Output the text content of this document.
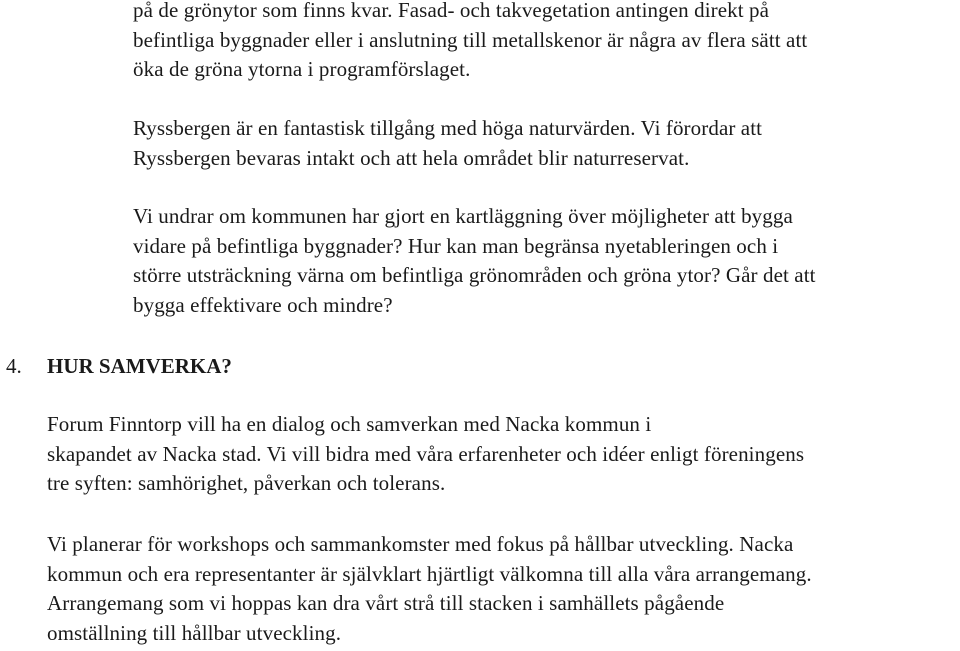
på de grönytor som finns kvar. Fasad- och takvegetation antingen direkt på
befintliga byggnader eller i anslutning till metallskenor är några av flera sätt att
öka de gröna ytorna i programförslaget.

Ryssbergen är en fantastisk tillgång med höga naturvärden. Vi förordar att
Ryssbergen bevaras intakt och att hela området blir naturreservat.

Vi undrar om kommunen har gjort en kartläggning över möjligheter att bygga
vidare på befintliga byggnader? Hur kan man begränsa nyetableringen och i
större utsträckning värna om befintliga grönområden och gröna ytor? Går det att
bygga effektivare och mindre?

4. HUR SAMVERKA?

Forum Finntorp vill ha en dialog och samverkan med Nacka kommun i
skapandet av Nacka stad. Vi vill bidra med våra erfarenheter och idéer enligt föreningens
tre syften: samhörighet, påverkan och tolerans.

Vi planerar för workshops och sammankomster med fokus på hållbar utveckling. Nacka
kommun och era representanter är självklart hjärtligt välkomna till alla våra arrangemang.
Arrangemang som vi hoppas kan dra vårt strå till stacken i samhällets pågående
omställning till hållbar utveckling.
